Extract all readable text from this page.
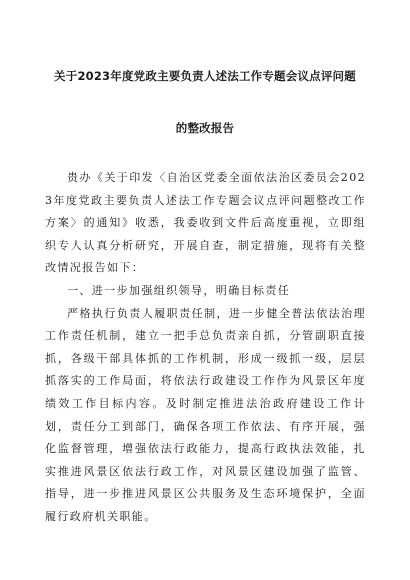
关于2023年度党政主要负责人述法工作专题会议点评问题
的整改报告

贵办《关于印发〈自治区党委全面依法治区委员会2023年度党政主要负责人述法工作专题会议点评问题整改工作方案〉的通知》收悉，我委收到文件后高度重视，立即组织专人认真分析研究，开展自查，制定措施，现将有关整改情况报告如下：

一、进一步加强组织领导，明确目标责任

严格执行负责人履职责任制，进一步健全普法依法治理工作责任机制，建立一把手总负责亲自抓，分管副职直接抓，各级干部具体抓的工作机制，形成一级抓一级，层层抓落实的工作局面，将依法行政建设工作作为风景区年度绩效工作目标内容。及时制定推进法治政府建设工作计划，责任分工到部门，确保各项工作依法、有序开展，强化监督管理，增强依法行政能力，提高行政执法效能，扎实推进风景区依法行政工作，对风景区建设加强了监管、指导，进一步推进风景区公共服务及生态环境保护，全面履行政府机关职能。
